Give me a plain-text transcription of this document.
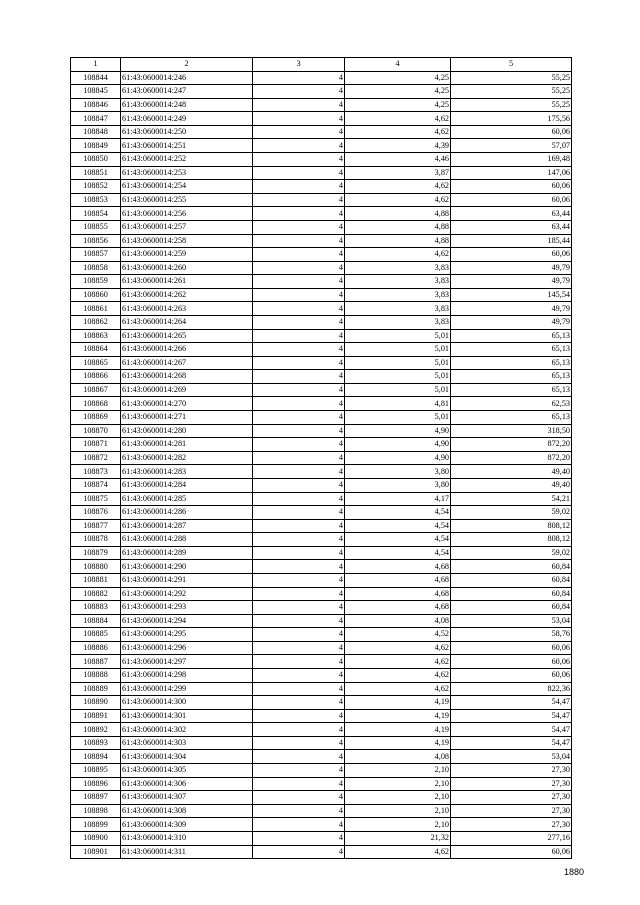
1	2	3	4	5
108844	61:43:0600014:246	4	4,25	55,25
108845	61:43:0600014:247	4	4,25	55,25
108846	61:43:0600014:248	4	4,25	55,25
108847	61:43:0600014:249	4	4,62	175,56
108848	61:43:0600014:250	4	4,62	60,06
108849	61:43:0600014:251	4	4,39	57,07
108850	61:43:0600014:252	4	4,46	169,48
108851	61:43:0600014:253	4	3,87	147,06
108852	61:43:0600014:254	4	4,62	60,06
108853	61:43:0600014:255	4	4,62	60,06
108854	61:43:0600014:256	4	4,88	63,44
108855	61:43:0600014:257	4	4,88	63,44
108856	61:43:0600014:258	4	4,88	185,44
108857	61:43:0600014:259	4	4,62	60,06
108858	61:43:0600014:260	4	3,83	49,79
108859	61:43:0600014:261	4	3,83	49,79
108860	61:43:0600014:262	4	3,83	145,54
108861	61:43:0600014:263	4	3,83	49,79
108862	61:43:0600014:264	4	3,83	49,79
108863	61:43:0600014:265	4	5,01	65,13
108864	61:43:0600014:266	4	5,01	65,13
108865	61:43:0600014:267	4	5,01	65,13
108866	61:43:0600014:268	4	5,01	65,13
108867	61:43:0600014:269	4	5,01	65,13
108868	61:43:0600014:270	4	4,81	62,53
108869	61:43:0600014:271	4	5,01	65,13
108870	61:43:0600014:280	4	4,90	318,50
108871	61:43:0600014:281	4	4,90	872,20
108872	61:43:0600014:282	4	4,90	872,20
108873	61:43:0600014:283	4	3,80	49,40
108874	61:43:0600014:284	4	3,80	49,40
108875	61:43:0600014:285	4	4,17	54,21
108876	61:43:0600014:286	4	4,54	59,02
108877	61:43:0600014:287	4	4,54	808,12
108878	61:43:0600014:288	4	4,54	808,12
108879	61:43:0600014:289	4	4,54	59,02
108880	61:43:0600014:290	4	4,68	60,84
108881	61:43:0600014:291	4	4,68	60,84
108882	61:43:0600014:292	4	4,68	60,84
108883	61:43:0600014:293	4	4,68	60,84
108884	61:43:0600014:294	4	4,08	53,04
108885	61:43:0600014:295	4	4,52	58,76
108886	61:43:0600014:296	4	4,62	60,06
108887	61:43:0600014:297	4	4,62	60,06
108888	61:43:0600014:298	4	4,62	60,06
108889	61:43:0600014:299	4	4,62	822,36
108890	61:43:0600014:300	4	4,19	54,47
108891	61:43:0600014:301	4	4,19	54,47
108892	61:43:0600014:302	4	4,19	54,47
108893	61:43:0600014:303	4	4,19	54,47
108894	61:43:0600014:304	4	4,08	53,04
108895	61:43:0600014:305	4	2,10	27,30
108896	61:43:0600014:306	4	2,10	27,30
108897	61:43:0600014:307	4	2,10	27,30
108898	61:43:0600014:308	4	2,10	27,30
108899	61:43:0600014:309	4	2,10	27,30
108900	61:43:0600014:310	4	21,32	277,16
108901	61:43:0600014:311	4	4,62	60,06
1880
